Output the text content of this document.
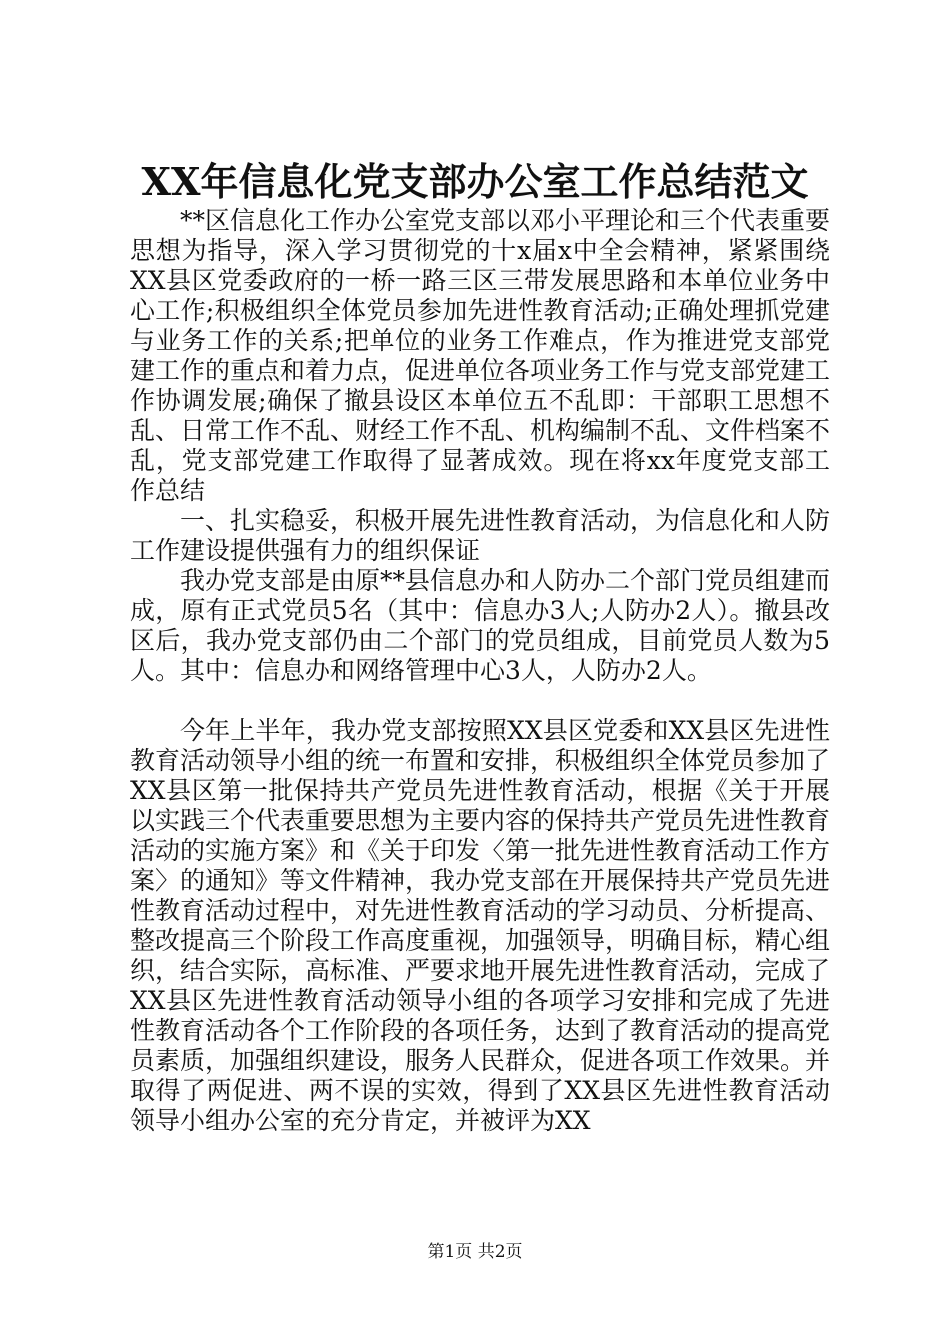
XX年信息化党支部办公室工作总结范文

**区信息化工作办公室党支部以邓小平理论和三个代表重要思想为指导，深入学习贯彻党的十x届x中全会精神，紧紧围绕XX县区党委政府的一桥一路三区三带发展思路和本单位业务中心工作;积极组织全体党员参加先进性教育活动;正确处理抓党建与业务工作的关系;把单位的业务工作难点，作为推进党支部党建工作的重点和着力点，促进单位各项业务工作与党支部党建工作协调发展;确保了撤县设区本单位五不乱即：干部职工思想不乱、日常工作不乱、财经工作不乱、机构编制不乱、文件档案不乱，党支部党建工作取得了显著成效。现在将xx年度党支部工作总结

一、扎实稳妥，积极开展先进性教育活动，为信息化和人防工作建设提供强有力的组织保证

我办党支部是由原**县信息办和人防办二个部门党员组建而成，原有正式党员5名（其中：信息办3人;人防办2人）。撤县改区后，我办党支部仍由二个部门的党员组成，目前党员人数为5人。其中：信息办和网络管理中心3人，人防办2人。

今年上半年，我办党支部按照XX县区党委和XX县区先进性教育活动领导小组的统一布置和安排，积极组织全体党员参加了XX县区第一批保持共产党员先进性教育活动，根据《关于开展以实践三个代表重要思想为主要内容的保持共产党员先进性教育活动的实施方案》和《关于印发〈第一批先进性教育活动工作方案〉的通知》等文件精神，我办党支部在开展保持共产党员先进性教育活动过程中，对先进性教育活动的学习动员、分析提高、整改提高三个阶段工作高度重视，加强领导，明确目标，精心组织，结合实际，高标准、严要求地开展先进性教育活动，完成了XX县区先进性教育活动领导小组的各项学习安排和完成了先进性教育活动各个工作阶段的各项任务，达到了教育活动的提高党员素质，加强组织建设，服务人民群众，促进各项工作效果。并取得了两促进、两不误的实效，得到了XX县区先进性教育活动领导小组办公室的充分肯定，并被评为XX

第1页 共2页
